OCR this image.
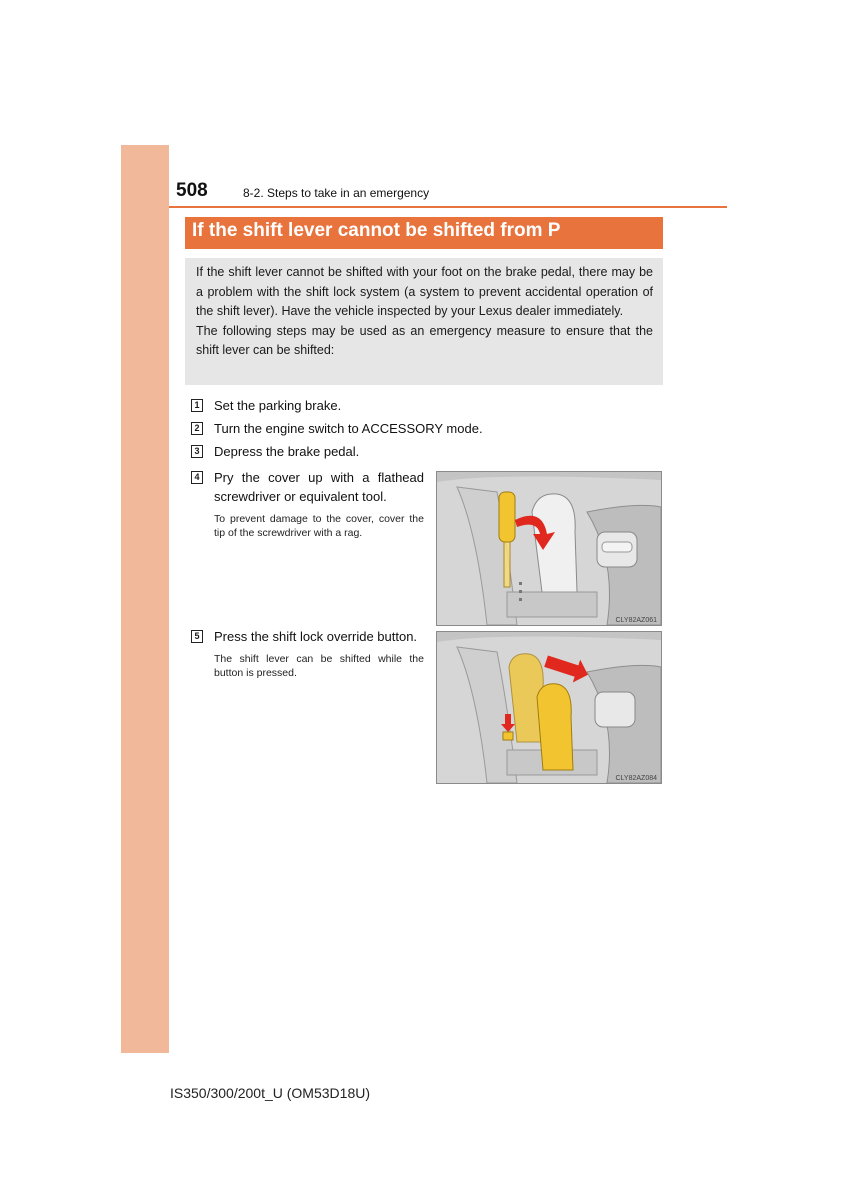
508	8-2. Steps to take in an emergency
If the shift lever cannot be shifted from P

If the shift lever cannot be shifted with your foot on the brake pedal, there may be a problem with the shift lock system (a system to prevent accidental operation of the shift lever). Have the vehicle inspected by your Lexus dealer immediately.

The following steps may be used as an emergency measure to ensure that the shift lever can be shifted:

1 Set the parking brake.
2 Turn the engine switch to ACCESSORY mode.
3 Depress the brake pedal.
4 Pry the cover up with a flathead screwdriver or equivalent tool.
To prevent damage to the cover, cover the tip of the screwdriver with a rag.
5 Press the shift lock override button.
The shift lever can be shifted while the button is pressed.
CLY82AZ061
CLY82AZ084
IS350/300/200t_U (OM53D18U)
